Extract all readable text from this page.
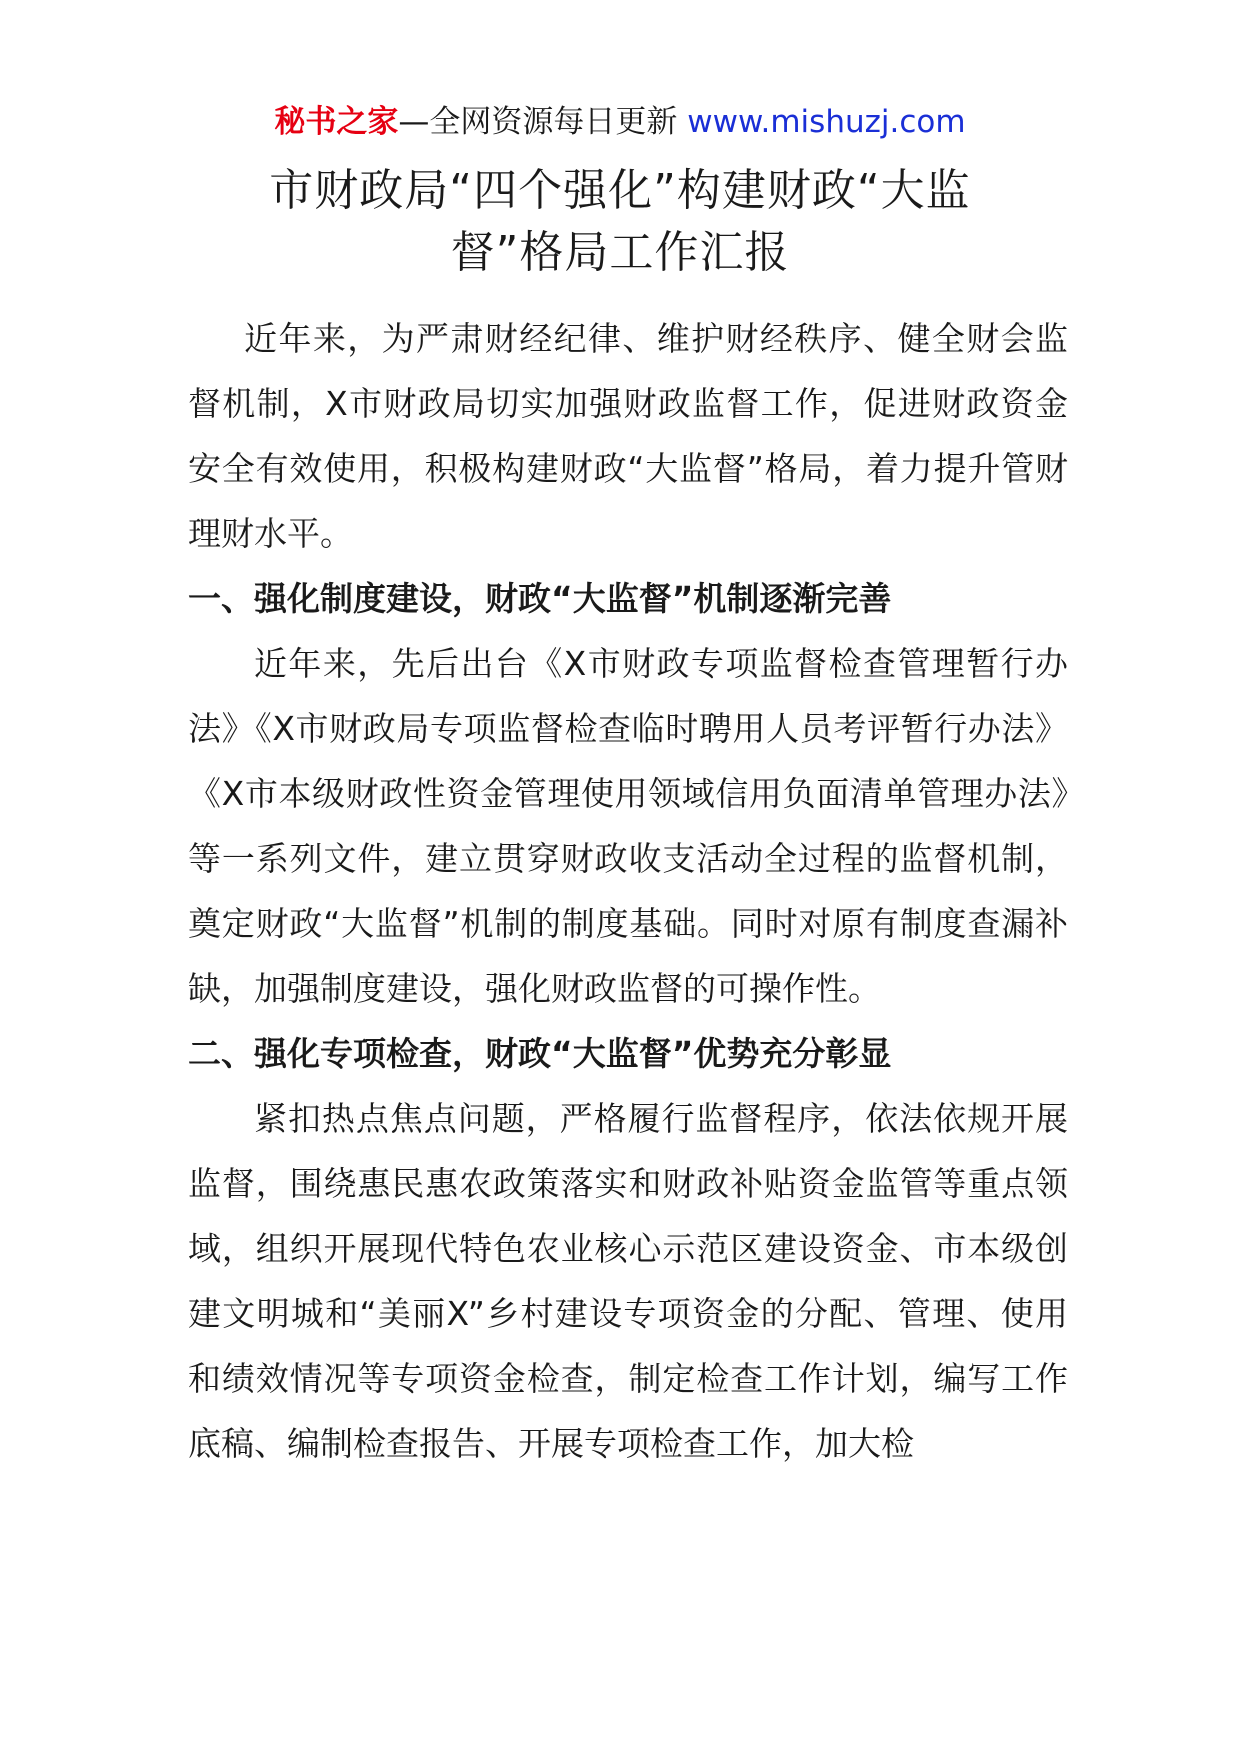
秘书之家—全网资源每日更新 www.mishuzj.com
市财政局“四个强化”构建财政“大监
督”格局工作汇报

近年来，为严肃财经纪律、维护财经秩序、健全财会监督机制，X市财政局切实加强财政监督工作，促进财政资金安全有效使用，积极构建财政“大监督”格局，着力提升管财理财水平。

一、强化制度建设，财政“大监督”机制逐渐完善

近年来，先后出台《X市财政专项监督检查管理暂行办法》《X市财政局专项监督检查临时聘用人员考评暂行办法》《X市本级财政性资金管理使用领域信用负面清单管理办法》等一系列文件，建立贯穿财政收支活动全过程的监督机制，奠定财政“大监督”机制的制度基础。同时对原有制度查漏补缺，加强制度建设，强化财政监督的可操作性。

二、强化专项检查，财政“大监督”优势充分彰显

紧扣热点焦点问题，严格履行监督程序，依法依规开展监督，围绕惠民惠农政策落实和财政补贴资金监管等重点领域，组织开展现代特色农业核心示范区建设资金、市本级创建文明城和“美丽X”乡村建设专项资金的分配、管理、使用和绩效情况等专项资金检查，制定检查工作计划，编写工作底稿、编制检查报告、开展专项检查工作，加大检
